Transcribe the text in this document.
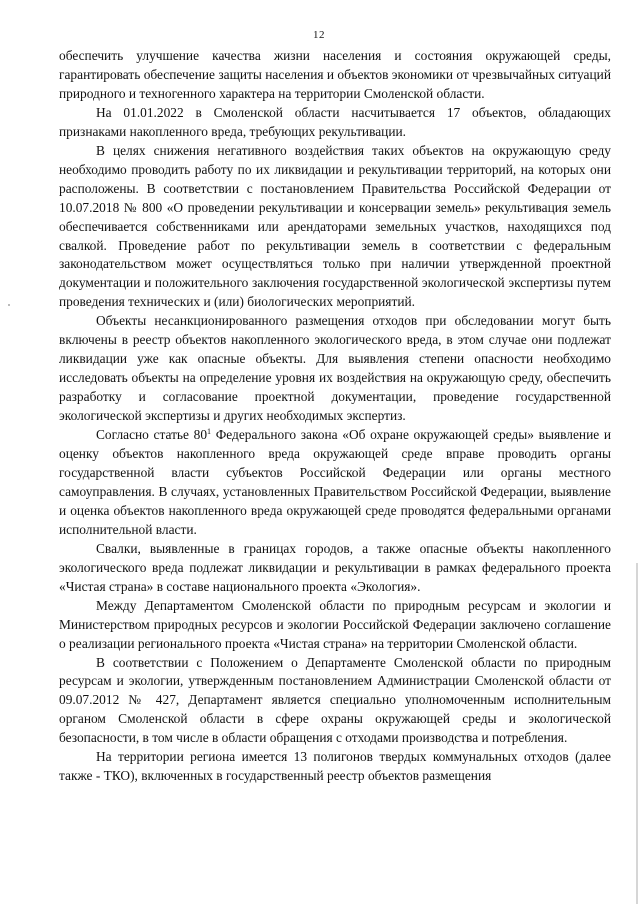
12

обеспечить улучшение качества жизни населения и состояния окружающей среды, гарантировать обеспечение защиты населения и объектов экономики от чрезвычайных ситуаций природного и техногенного характера на территории Смоленской области.

На 01.01.2022 в Смоленской области насчитывается 17 объектов, обладающих признаками накопленного вреда, требующих рекультивации.

В целях снижения негативного воздействия таких объектов на окружающую среду необходимо проводить работу по их ликвидации и рекультивации территорий, на которых они расположены. В соответствии с постановлением Правительства Российской Федерации от 10.07.2018 № 800 «О проведении рекультивации и консервации земель» рекультивация земель обеспечивается собственниками или арендаторами земельных участков, находящихся под свалкой. Проведение работ по рекультивации земель в соответствии с федеральным законодательством может осуществляться только при наличии утвержденной проектной документации и положительного заключения государственной экологической экспертизы путем проведения технических и (или) биологических мероприятий.

Объекты несанкционированного размещения отходов при обследовании могут быть включены в реестр объектов накопленного экологического вреда, в этом случае они подлежат ликвидации уже как опасные объекты. Для выявления степени опасности необходимо исследовать объекты на определение уровня их воздействия на окружающую среду, обеспечить разработку и согласование проектной документации, проведение государственной экологической экспертизы и других необходимых экспертиз.

Согласно статье $80^1$ Федерального закона «Об охране окружающей среды» выявление и оценку объектов накопленного вреда окружающей среде вправе проводить органы государственной власти субъектов Российской Федерации или органы местного самоуправления. В случаях, установленных Правительством Российской Федерации, выявление и оценка объектов накопленного вреда окружающей среде проводятся федеральными органами исполнительной власти.

Свалки, выявленные в границах городов, а также опасные объекты накопленного экологического вреда подлежат ликвидации и рекультивации в рамках федерального проекта «Чистая страна» в составе национального проекта «Экология».

Между Департаментом Смоленской области по природным ресурсам и экологии и Министерством природных ресурсов и экологии Российской Федерации заключено соглашение о реализации регионального проекта «Чистая страна» на территории Смоленской области.

В соответствии с Положением о Департаменте Смоленской области по природным ресурсам и экологии, утвержденным постановлением Администрации Смоленской области от 09.07.2012 № 427, Департамент является специально уполномоченным исполнительным органом Смоленской области в сфере охраны окружающей среды и экологической безопасности, в том числе в области обращения с отходами производства и потребления.

На территории региона имеется 13 полигонов твердых коммунальных отходов (далее также - ТКО), включенных в государственный реестр объектов размещения
